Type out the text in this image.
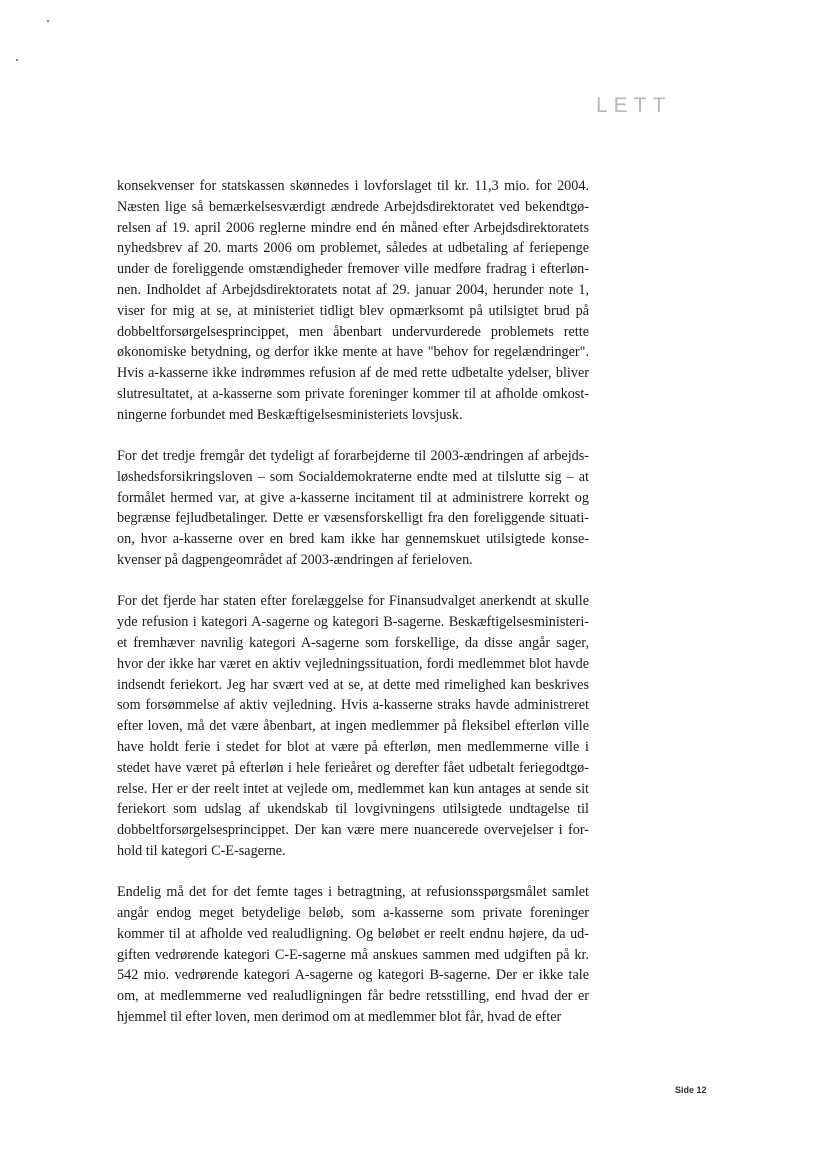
LETT
konsekvenser for statskassen skønnedes i lovforslaget til kr. 11,3 mio. for 2004.
Næsten lige så bemærkelsesværdigt ændrede Arbejdsdirektoratet ved bekendtgø-
relsen af 19. april 2006 reglerne mindre end én måned efter Arbejdsdirektoratets
nyhedsbrev af 20. marts 2006 om problemet, således at udbetaling af feriepenge
under de foreliggende omstændigheder fremover ville medføre fradrag i efterløn-
nen. Indholdet af Arbejdsdirektoratets notat af 29. januar 2004, herunder note 1,
viser for mig at se, at ministeriet tidligt blev opmærksomt på utilsigtet brud på
dobbeltforsørgelsesprincippet, men åbenbart undervurderede problemets rette
økonomiske betydning, og derfor ikke mente at have "behov for regelændringer".
Hvis a-kasserne ikke indrømmes refusion af de med rette udbetalte ydelser, bliver
slutresultatet, at a-kasserne som private foreninger kommer til at afholde omkost-
ningerne forbundet med Beskæftigelsesministeriets lovsjusk.
For det tredje fremgår det tydeligt af forarbejderne til 2003-ændringen af arbejds-
løshedsforsikringsloven – som Socialdemokraterne endte med at tilslutte sig – at
formålet hermed var, at give a-kasserne incitament til at administrere korrekt og
begrænse fejludbetalinger. Dette er væsensforskelligt fra den foreliggende situati-
on, hvor a-kasserne over en bred kam ikke har gennemskuet utilsigtede konse-
kvenser på dagpengeområdet af 2003-ændringen af ferieloven.
For det fjerde har staten efter forelæggelse for Finansudvalget anerkendt at skulle
yde refusion i kategori A-sagerne og kategori B-sagerne. Beskæftigelsesministeri-
et fremhæver navnlig kategori A-sagerne som forskellige, da disse angår sager,
hvor der ikke har været en aktiv vejledningssituation, fordi medlemmet blot havde
indsendt feriekort. Jeg har svært ved at se, at dette med rimelighed kan beskrives
som forsømmelse af aktiv vejledning. Hvis a-kasserne straks havde administreret
efter loven, må det være åbenbart, at ingen medlemmer på fleksibel efterløn ville
have holdt ferie i stedet for blot at være på efterløn, men medlemmerne ville i
stedet have været på efterløn i hele ferieåret og derefter fået udbetalt feriegodtgø-
relse. Her er der reelt intet at vejlede om, medlemmet kan kun antages at sende sit
feriekort som udslag af ukendskab til lovgivningens utilsigtede undtagelse til
dobbeltforsørgelsesprincippet. Der kan være mere nuancerede overvejelser i for-
hold til kategori C-E-sagerne.
Endelig må det for det femte tages i betragtning, at refusionsspørgsmålet samlet
angår endog meget betydelige beløb, som a-kasserne som private foreninger
kommer til at afholde ved realudligning. Og beløbet er reelt endnu højere, da ud-
giften vedrørende kategori C-E-sagerne må anskues sammen med udgiften på kr.
542 mio. vedrørende kategori A-sagerne og kategori B-sagerne. Der er ikke tale
om, at medlemmerne ved realudligningen får bedre retsstilling, end hvad der er
hjemmel til efter loven, men derimod om at medlemmer blot får, hvad de efter
Side 12
